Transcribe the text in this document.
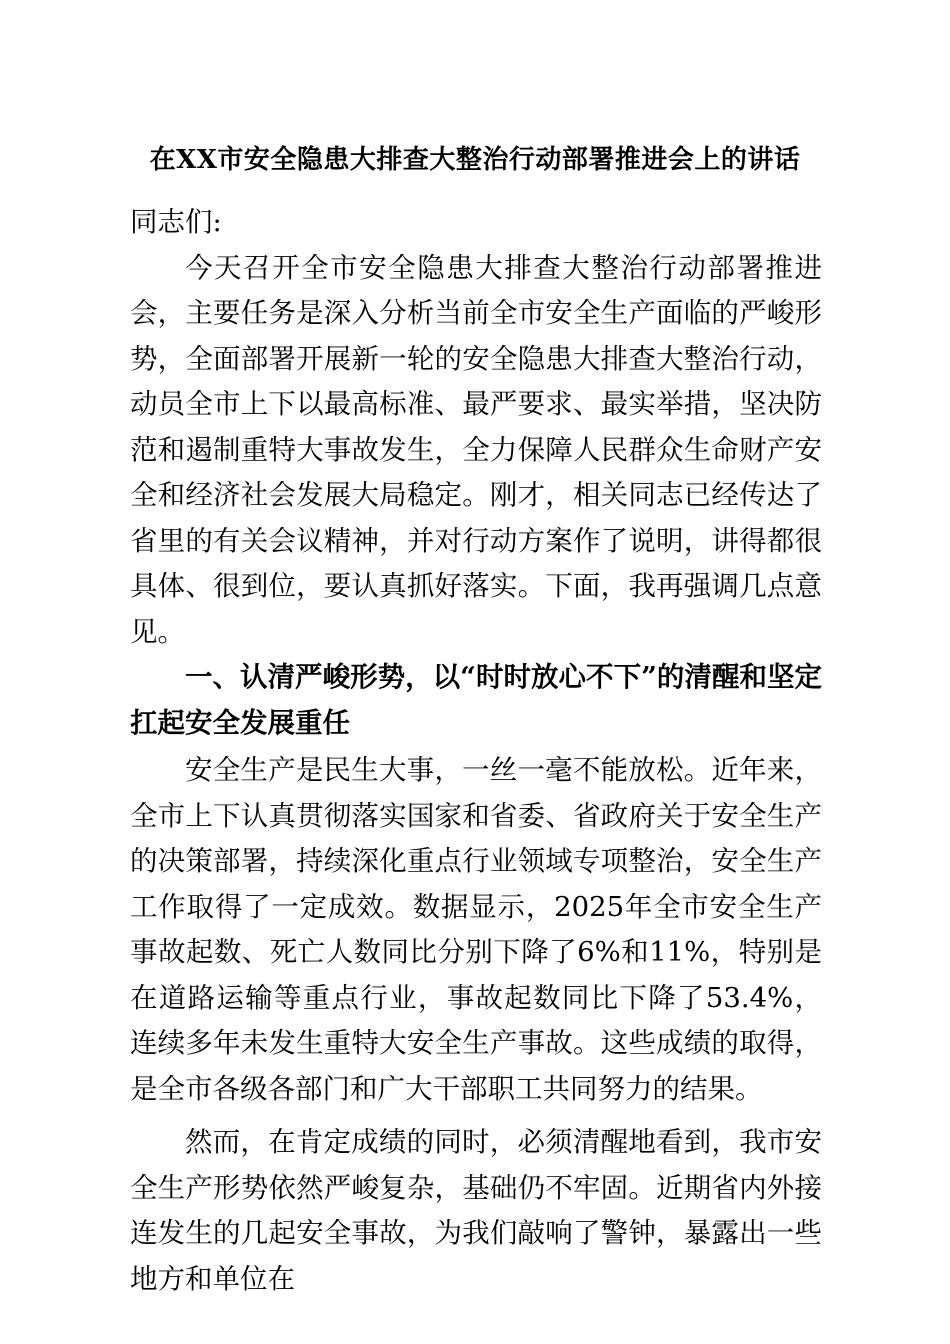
在XX市安全隐患大排查大整治行动部署推进会上的讲话

同志们:

今天召开全市安全隐患大排查大整治行动部署推进会，主要任务是深入分析当前全市安全生产面临的严峻形势，全面部署开展新一轮的安全隐患大排查大整治行动，动员全市上下以最高标准、最严要求、最实举措，坚决防范和遏制重特大事故发生，全力保障人民群众生命财产安全和经济社会发展大局稳定。刚才，相关同志已经传达了省里的有关会议精神，并对行动方案作了说明，讲得都很具体、很到位，要认真抓好落实。下面，我再强调几点意见。

一、认清严峻形势，以“时时放心不下”的清醒和坚定扛起安全发展重任

安全生产是民生大事，一丝一毫不能放松。近年来，全市上下认真贯彻落实国家和省委、省政府关于安全生产的决策部署，持续深化重点行业领域专项整治，安全生产工作取得了一定成效。数据显示，2025年全市安全生产事故起数、死亡人数同比分别下降了6%和11%，特别是在道路运输等重点行业，事故起数同比下降了53.4%，连续多年未发生重特大安全生产事故。这些成绩的取得，是全市各级各部门和广大干部职工共同努力的结果。

然而，在肯定成绩的同时，必须清醒地看到，我市安全生产形势依然严峻复杂，基础仍不牢固。近期省内外接连发生的几起安全事故，为我们敲响了警钟，暴露出一些地方和单位在
